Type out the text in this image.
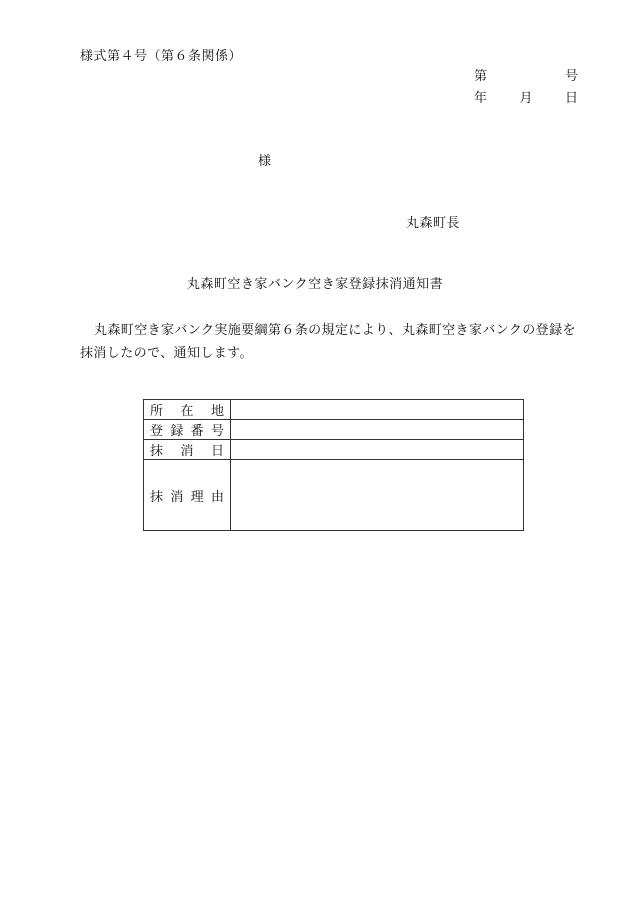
様式第４号（第６条関係）
第	号
年 月 日
様
丸森町長
丸森町空き家バンク空き家登録抹消通知書
丸森町空き家バンク実施要綱第６条の規定により、丸森町空き家バンクの登録を抹消したので、通知します。
所 在 地	

登 録 番 号	

抹 消 日	

抹 消 理 由	
